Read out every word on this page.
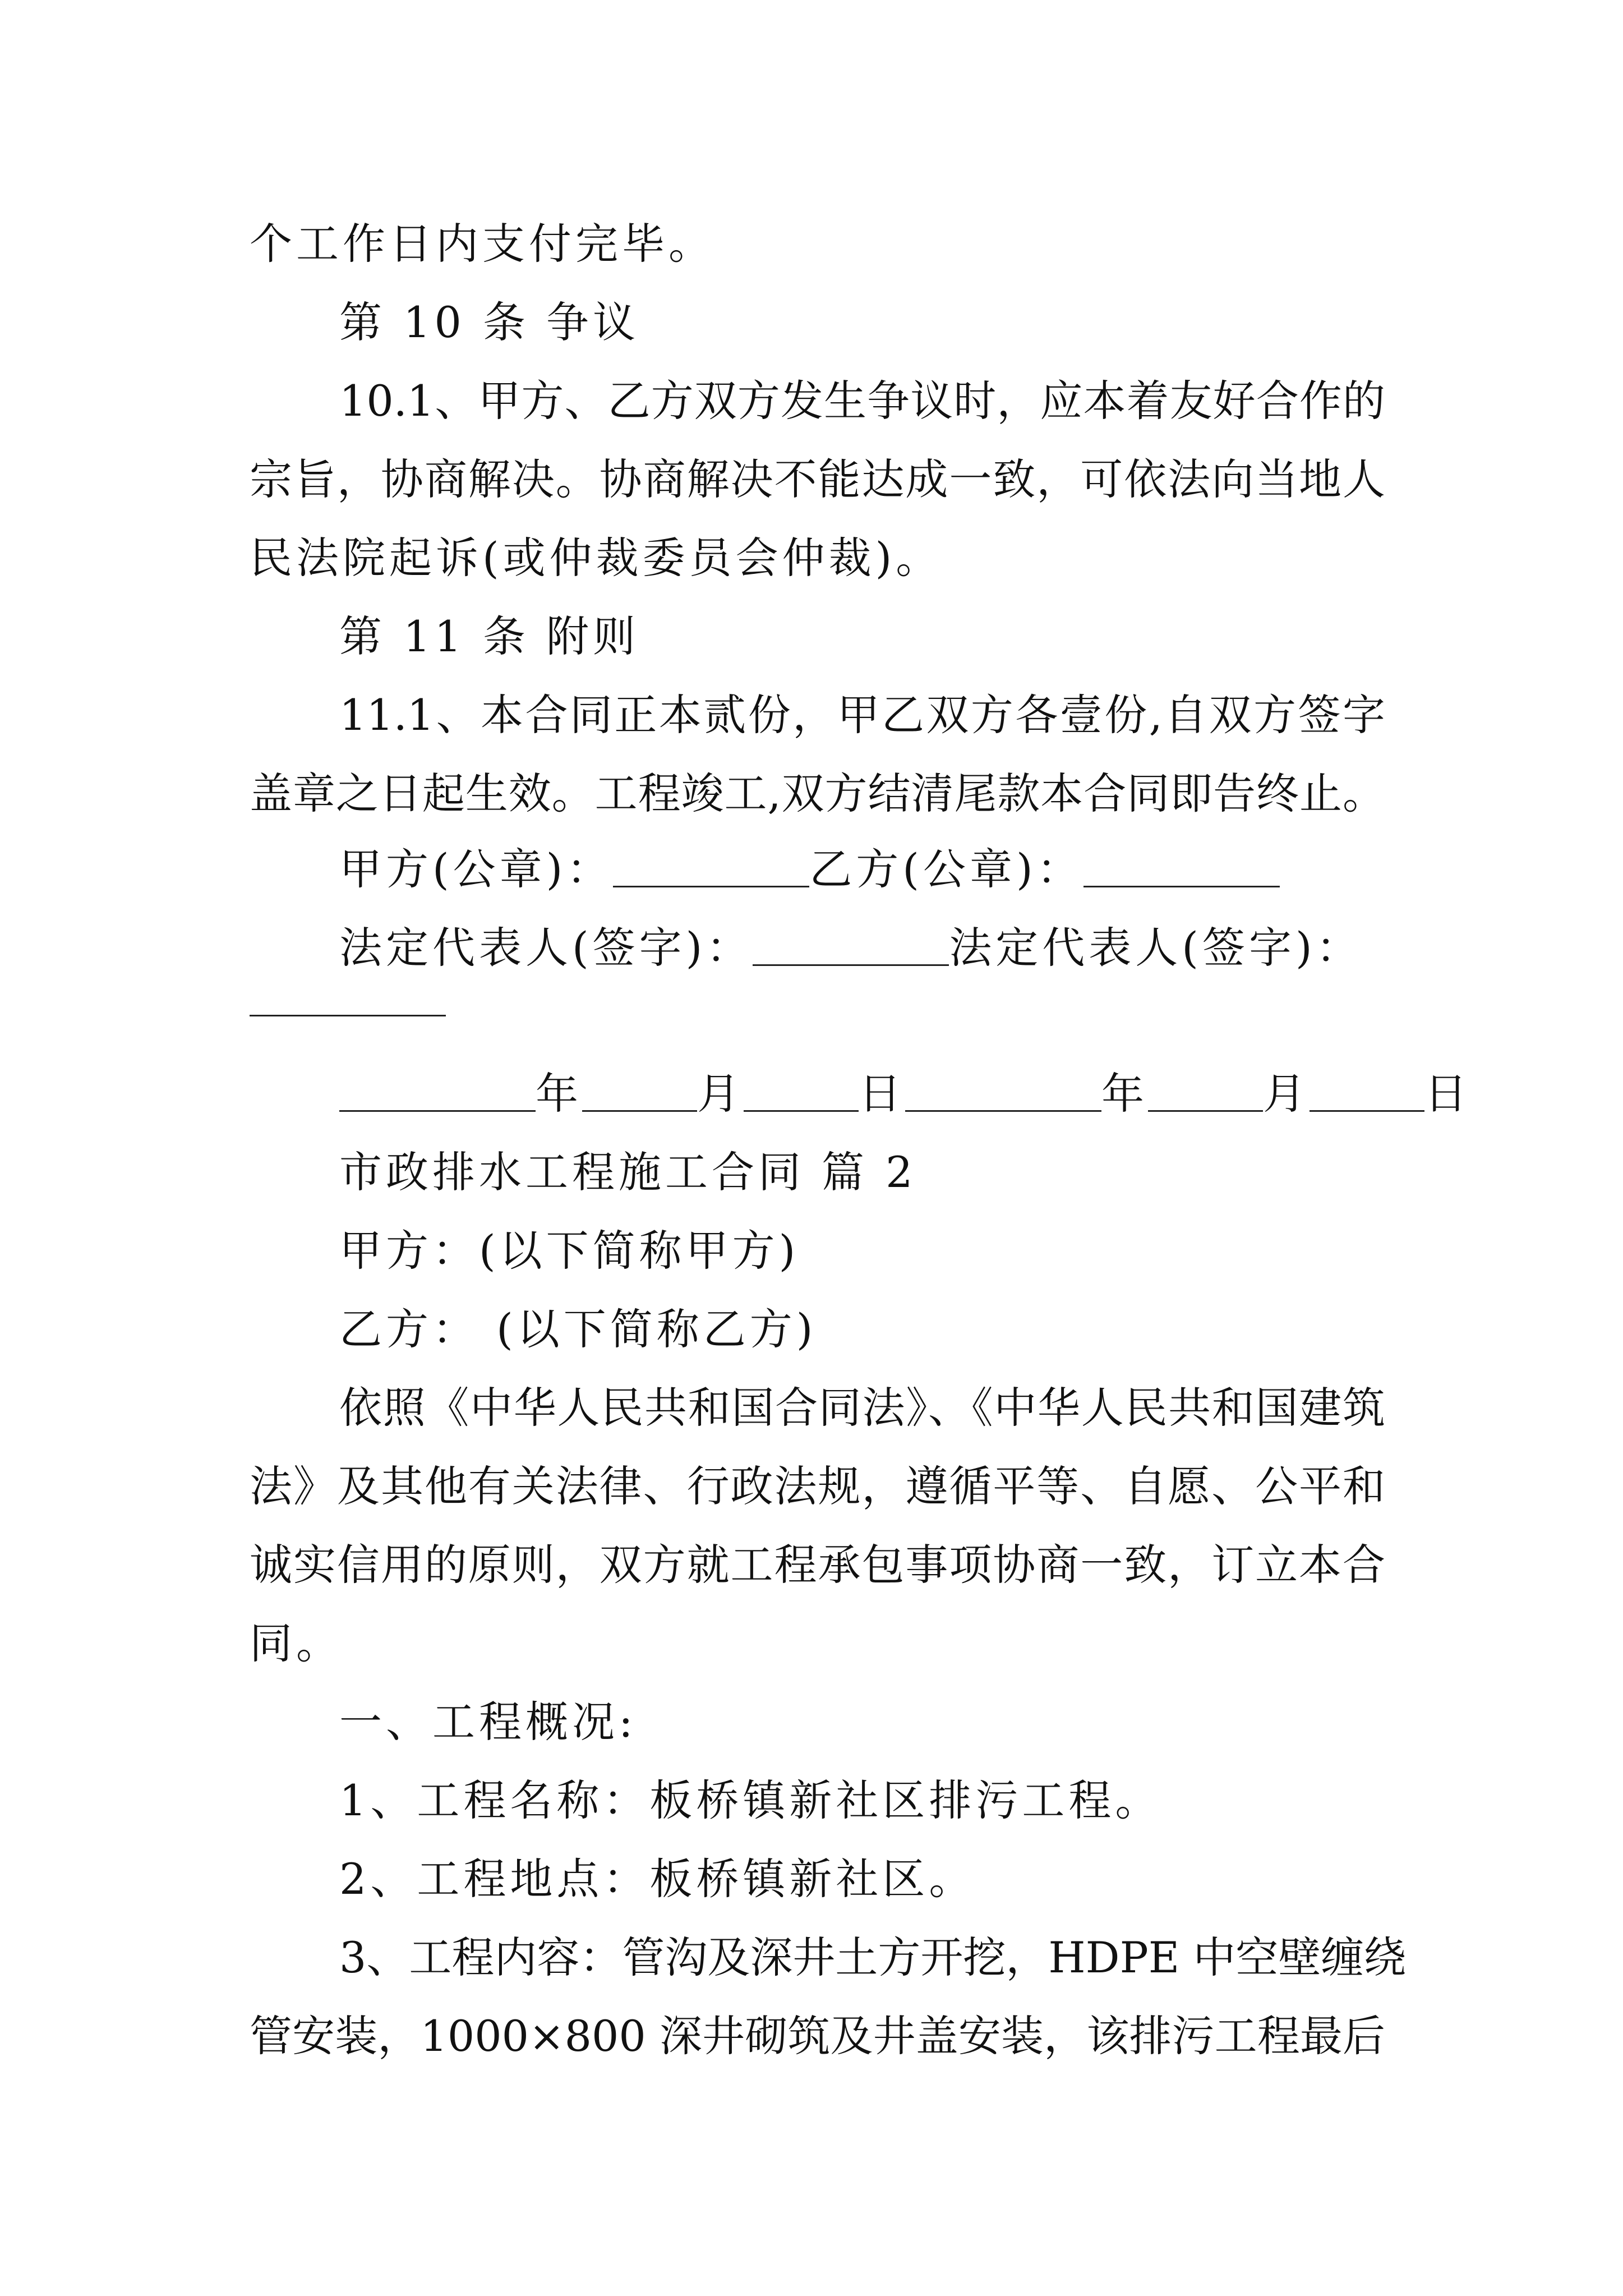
个工作日内支付完毕。
第 10 条 争议
10.1、甲方、乙方双方发生争议时，应本着友好合作的
宗旨，协商解决。协商解决不能达成一致，可依法向当地人
民法院起诉(或仲裁委员会仲裁)。
第 11 条 附则
11.1、本合同正本贰份，甲乙双方各壹份,自双方签字
盖章之日起生效。工程竣工,双方结清尾款本合同即告终止。
甲方(公章)：	乙方(公章)：
法定代表人(签字)：	法定代表人(签字)：
年	月	日	年	月	日
市政排水工程施工合同 篇 2
甲方：(以下简称甲方)
乙方： (以下简称乙方)
依照《中华人民共和国合同法》、《中华人民共和国建筑
法》及其他有关法律、行政法规，遵循平等、自愿、公平和
诚实信用的原则，双方就工程承包事项协商一致，订立本合
同。
一、工程概况:
1、工程名称：板桥镇新社区排污工程。
2、工程地点：板桥镇新社区。
3、工程内容：管沟及深井土方开挖，HDPE 中空壁缠绕
管安装，1000×800 深井砌筑及井盖安装，该排污工程最后
